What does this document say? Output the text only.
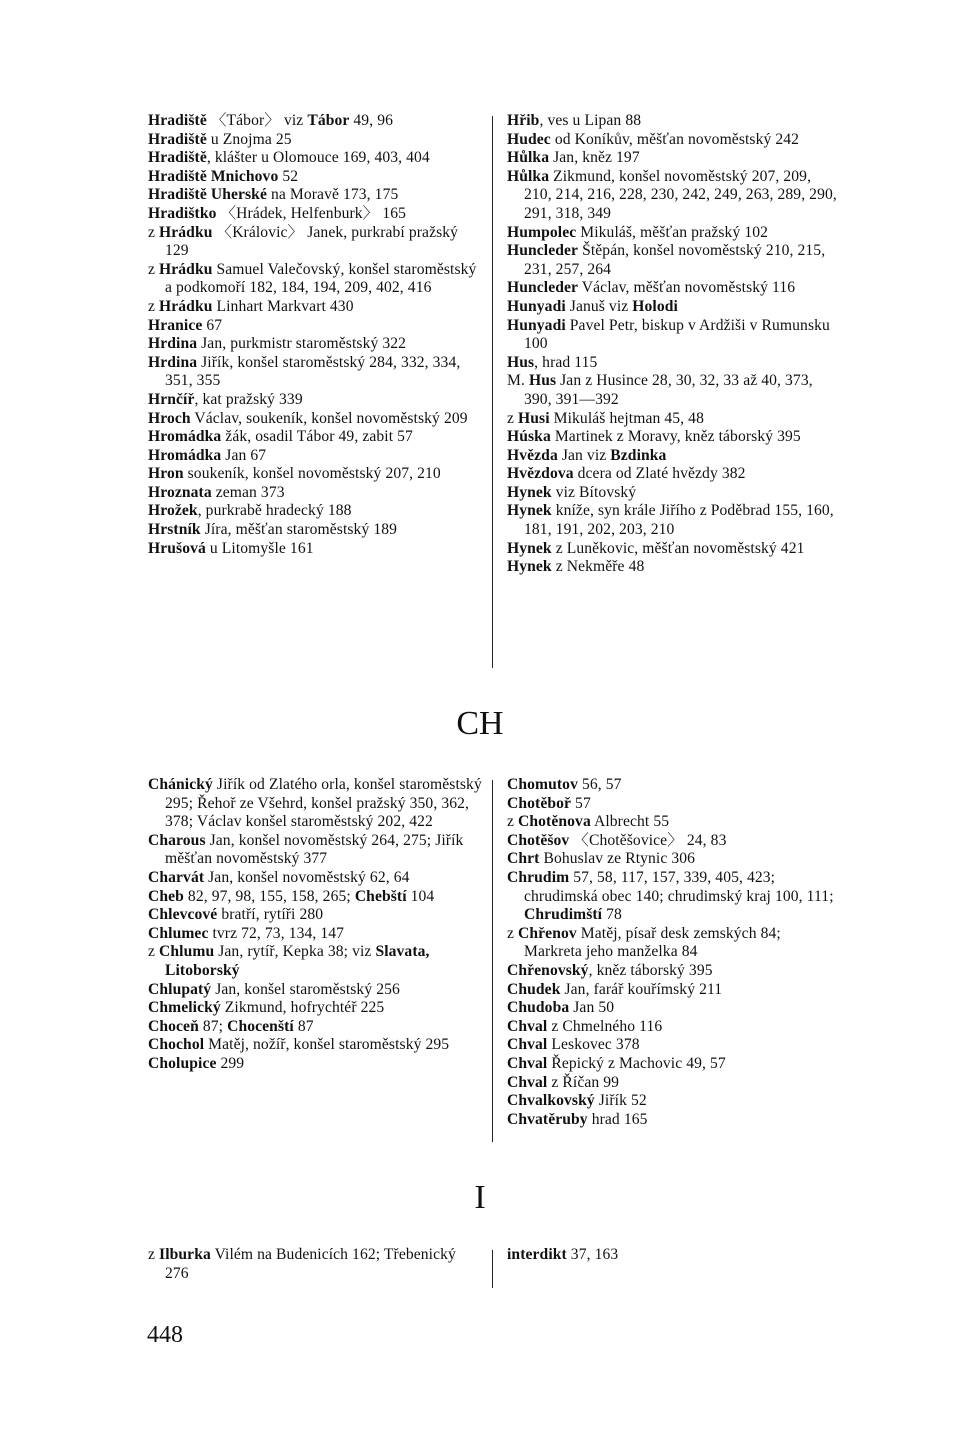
Hradiště 〈Tábor〉 viz Tábor 49, 96
Hradiště u Znojma 25
Hradiště, klášter u Olomouce 169, 403, 404
Hradiště Mnichovo 52
Hradiště Uherské na Moravě 173, 175
Hradištko 〈Hrádek, Helfenburk〉 165
z Hrádku 〈Královic〉 Janek, purkrabí pražský 129
z Hrádku Samuel Valečovský, konšel staroměstský a podkomoří 182, 184, 194, 209, 402, 416
z Hrádku Linhart Markvart 430
Hranice 67
Hrdina Jan, purkmistr staroměstský 322
Hrdina Jiřík, konšel staroměstský 284, 332, 334, 351, 355
Hrnčíř, kat pražský 339
Hroch Václav, soukeník, konšel novoměstský 209
Hromádka žák, osadil Tábor 49, zabit 57
Hromádka Jan 67
Hron soukeník, konšel novoměstský 207, 210
Hroznata zeman 373
Hrožek, purkrabě hradecký 188
Hrstník Jíra, měšťan staroměstský 189
Hrušová u Litomyšle 161
Hřib, ves u Lipan 88
Hudec od Koníkův, měšťan novoměstský 242
Hůlka Jan, kněz 197
Hůlka Zikmund, konšel novoměstský 207, 209, 210, 214, 216, 228, 230, 242, 249, 263, 289, 290, 291, 318, 349
Humpolec Mikuláš, měšťan pražský 102
Huncleder Štěpán, konšel novoměstský 210, 215, 231, 257, 264
Huncleder Václav, měšťan novoměstský 116
Hunyadi Januš viz Holodi
Hunyadi Pavel Petr, biskup v Ardžiši v Rumunsku 100
Hus, hrad 115
M. Hus Jan z Husince 28, 30, 32, 33 až 40, 373, 390, 391—392
z Husi Mikuláš hejtman 45, 48
Húska Martinek z Moravy, kněz táborský 395
Hvězda Jan viz Bzdinka
Hvězdova dcera od Zlaté hvězdy 382
Hynek viz Bítovský
Hynek kníže, syn krále Jiřího z Poděbrad 155, 160, 181, 191, 202, 203, 210
Hynek z Luněkovic, měšťan novoměstský 421
Hynek z Nekměře 48
CH
Chánický Jiřík od Zlatého orla, konšel staroměstský 295; Řehoř ze Všehrd, konšel pražský 350, 362, 378; Václav konšel staroměstský 202, 422
Charous Jan, konšel novoměstský 264, 275; Jiřík měšťan novoměstský 377
Charvát Jan, konšel novoměstský 62, 64
Cheb 82, 97, 98, 155, 158, 265; Chebští 104
Chlevcové bratří, rytíři 280
Chlumec tvrz 72, 73, 134, 147
z Chlumu Jan, rytíř, Kepka 38; viz Slavata, Litoborský
Chlupatý Jan, konšel staroměstský 256
Chmelický Zikmund, hofrychtéř 225
Choceň 87; Chocenští 87
Chochol Matěj, nožíř, konšel staroměstský 295
Cholupice 299
Chomutov 56, 57
Chotěboř 57
z Chotěnova Albrecht 55
Chotěšov 〈Chotěšovice〉 24, 83
Chrt Bohuslav ze Rtynic 306
Chrudim 57, 58, 117, 157, 339, 405, 423; chrudimská obec 140; chrudimský kraj 100, 111; Chrudimští 78
z Chřenov Matěj, písař desk zemských 84; Markreta jeho manželka 84
Chřenovský, kněz táborský 395
Chudek Jan, farář kouřímský 211
Chudoba Jan 50
Chval z Chmelného 116
Chval Leskovec 378
Chval Řepický z Machovic 49, 57
Chval z Říčan 99
Chvalkovský Jiřík 52
Chvatěruby hrad 165
I
z Ilburka Vilém na Budenicích 162; Třebenický 276
interdikt 37, 163
448
